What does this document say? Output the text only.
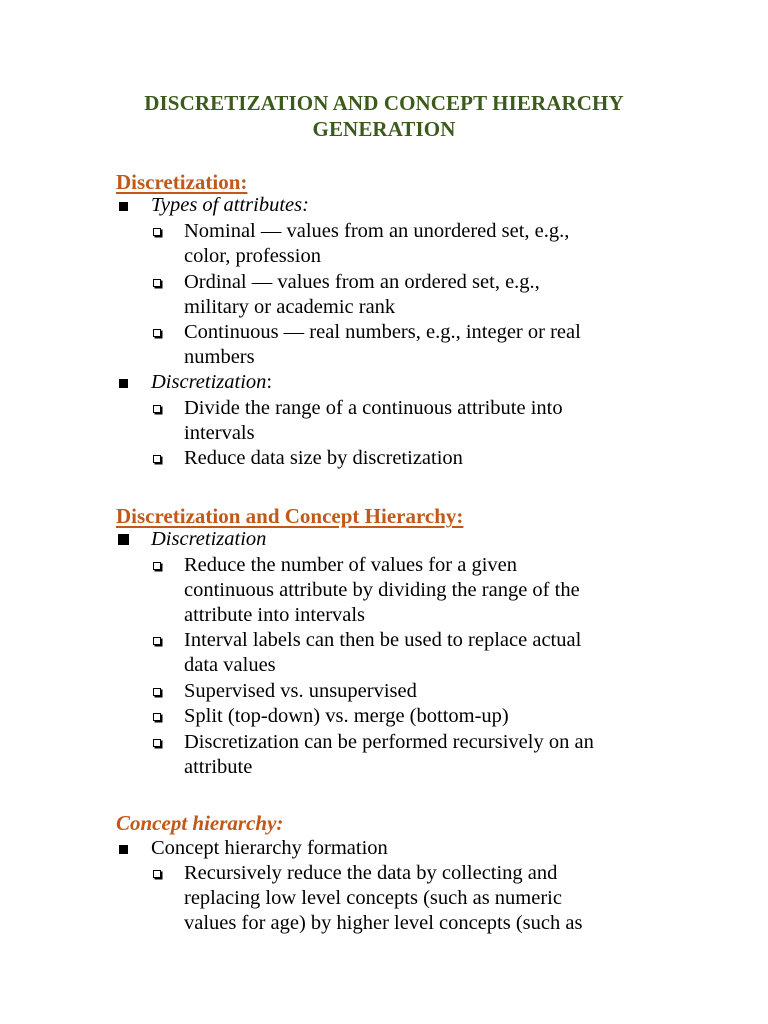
DISCRETIZATION AND CONCEPT HIERARCHY
GENERATION
Discretization:
Types of attributes:
Nominal — values from an unordered set, e.g.,
color, profession
Ordinal — values from an ordered set, e.g.,
military or academic rank
Continuous — real numbers, e.g., integer or real
numbers
Discretization:
Divide the range of a continuous attribute into
intervals
Reduce data size by discretization
Discretization and Concept Hierarchy:
Discretization
Reduce the number of values for a given
continuous attribute by dividing the range of the
attribute into intervals
Interval labels can then be used to replace actual
data values
Supervised vs. unsupervised
Split (top-down) vs. merge (bottom-up)
Discretization can be performed recursively on an
attribute
Concept hierarchy:
Concept hierarchy formation
Recursively reduce the data by collecting and
replacing low level concepts (such as numeric
values for age) by higher level concepts (such as
